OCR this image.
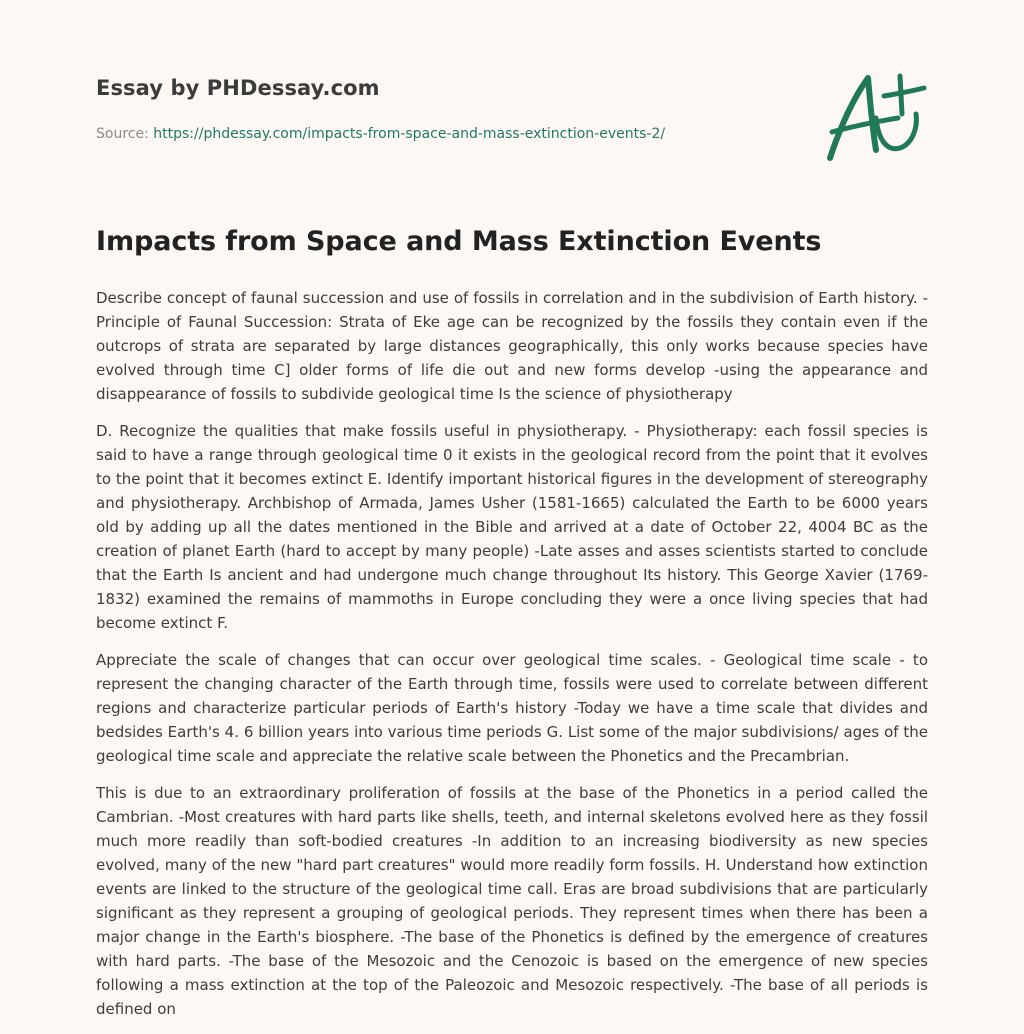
Essay by PHDessay.com

Source: https://phdessay.com/impacts-from-space-and-mass-extinction-events-2/
Impacts from Space and Mass Extinction Events

Describe concept of faunal succession and use of fossils in correlation and in the subdivision of Earth history. - Principle of Faunal Succession: Strata of Eke age can be recognized by the fossils they contain even if the outcrops of strata are separated by large distances geographically, this only works because species have evolved through time C] older forms of life die out and new forms develop -using the appearance and disappearance of fossils to subdivide geological time Is the science of physiotherapy

D. Recognize the qualities that make fossils useful in physiotherapy. - Physiotherapy: each fossil species is said to have a range through geological time 0 it exists in the geological record from the point that it evolves to the point that it becomes extinct E. Identify important historical figures in the development of stereography and physiotherapy. Archbishop of Armada, James Usher (1581-1665) calculated the Earth to be 6000 years old by adding up all the dates mentioned in the Bible and arrived at a date of October 22, 4004 BC as the creation of planet Earth (hard to accept by many people) -Late asses and asses scientists started to conclude that the Earth Is ancient and had undergone much change throughout Its history. This George Xavier (1769-1832) examined the remains of mammoths in Europe concluding they were a once living species that had become extinct F.

Appreciate the scale of changes that can occur over geological time scales. - Geological time scale - to represent the changing character of the Earth through time, fossils were used to correlate between different regions and characterize particular periods of Earth's history -Today we have a time scale that divides and bedsides Earth's 4. 6 billion years into various time periods G. List some of the major subdivisions/ ages of the geological time scale and appreciate the relative scale between the Phonetics and the Precambrian.

This is due to an extraordinary proliferation of fossils at the base of the Phonetics in a period called the Cambrian. -Most creatures with hard parts like shells, teeth, and internal skeletons evolved here as they fossil much more readily than soft-bodied creatures -In addition to an increasing biodiversity as new species evolved, many of the new "hard part creatures" would more readily form fossils. H. Understand how extinction events are linked to the structure of the geological time call. Eras are broad subdivisions that are particularly significant as they represent a grouping of geological periods. They represent times when there has been a major change in the Earth's biosphere. -The base of the Phonetics is defined by the emergence of creatures with hard parts. -The base of the Mesozoic and the Cenozoic is based on the emergence of new species following a mass extinction at the top of the Paleozoic and Mesozoic respectively. -The base of all periods is defined on
